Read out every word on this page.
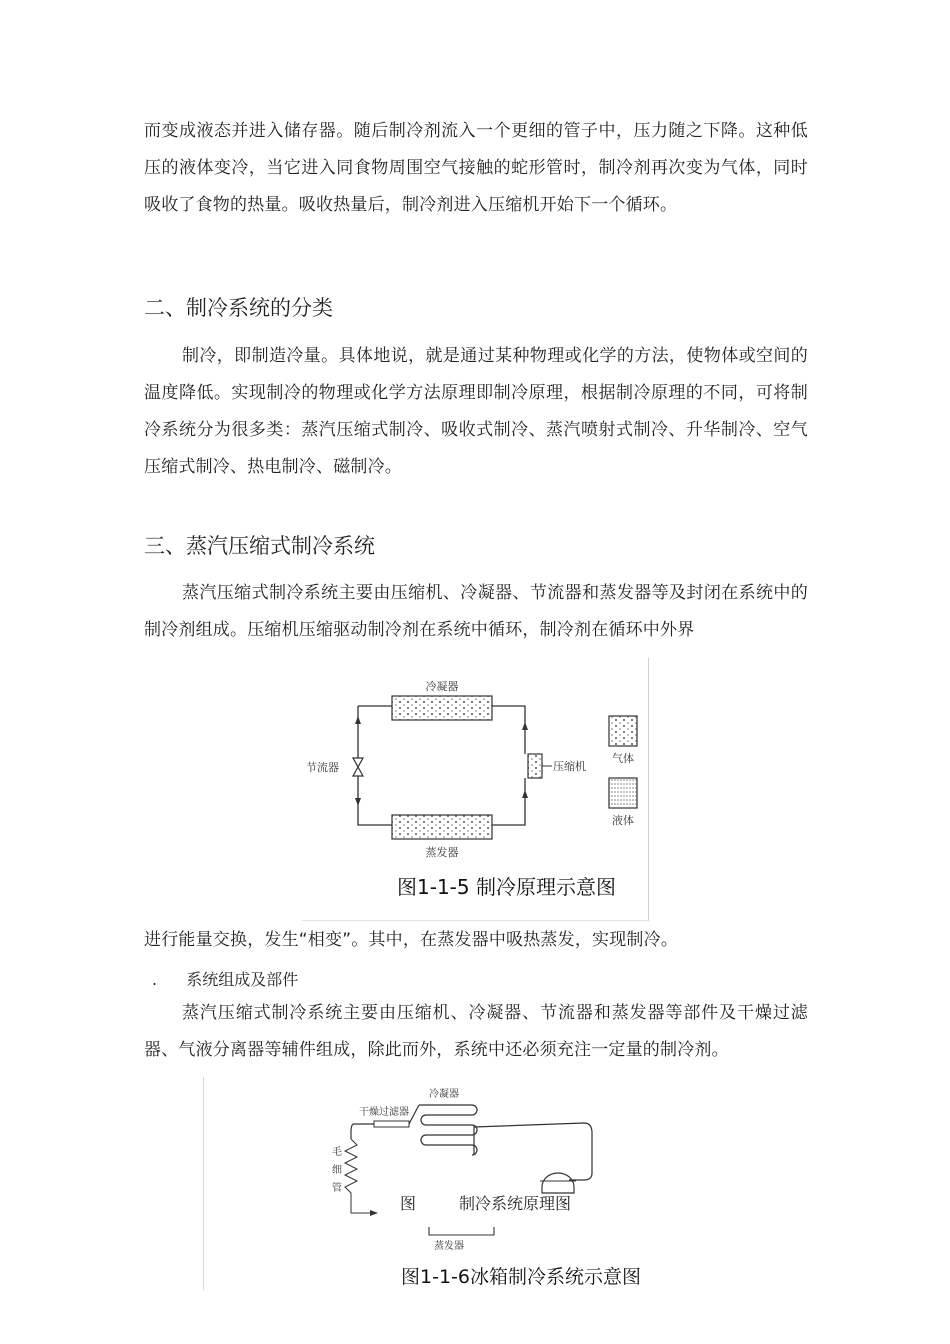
而变成液态并进入储存器。随后制冷剂流入一个更细的管子中，压力随之下降。这种低压的液体变冷，当它进入同食物周围空气接触的蛇形管时，制冷剂再次变为气体，同时吸收了食物的热量。吸收热量后，制冷剂进入压缩机开始下一个循环。

二、制冷系统的分类

制冷，即制造冷量。具体地说，就是通过某种物理或化学的方法，使物体或空间的温度降低。实现制冷的物理或化学方法原理即制冷原理，根据制冷原理的不同，可将制冷系统分为很多类：蒸汽压缩式制冷、吸收式制冷、蒸汽喷射式制冷、升华制冷、空气压缩式制冷、热电制冷、磁制冷。

三、蒸汽压缩式制冷系统

蒸汽压缩式制冷系统主要由压缩机、冷凝器、节流器和蒸发器等及封闭在系统中的制冷剂组成。压缩机压缩驱动制冷剂在系统中循环，制冷剂在循环中外界

冷凝器
蒸发器
节流器	压缩机
气体
液体
图1-1-5 制冷原理示意图

进行能量交换，发生“相变”。其中，在蒸发器中吸热蒸发，实现制冷。

. 系统组成及部件

蒸汽压缩式制冷系统主要由压缩机、冷凝器、节流器和蒸发器等部件及干燥过滤器、气液分离器等辅件组成，除此而外，系统中还必须充注一定量的制冷剂。

冷凝器
干燥过滤器
毛
细
管
图	制冷系统原理图
蒸发器
图1-1-6冰箱制冷系统示意图
